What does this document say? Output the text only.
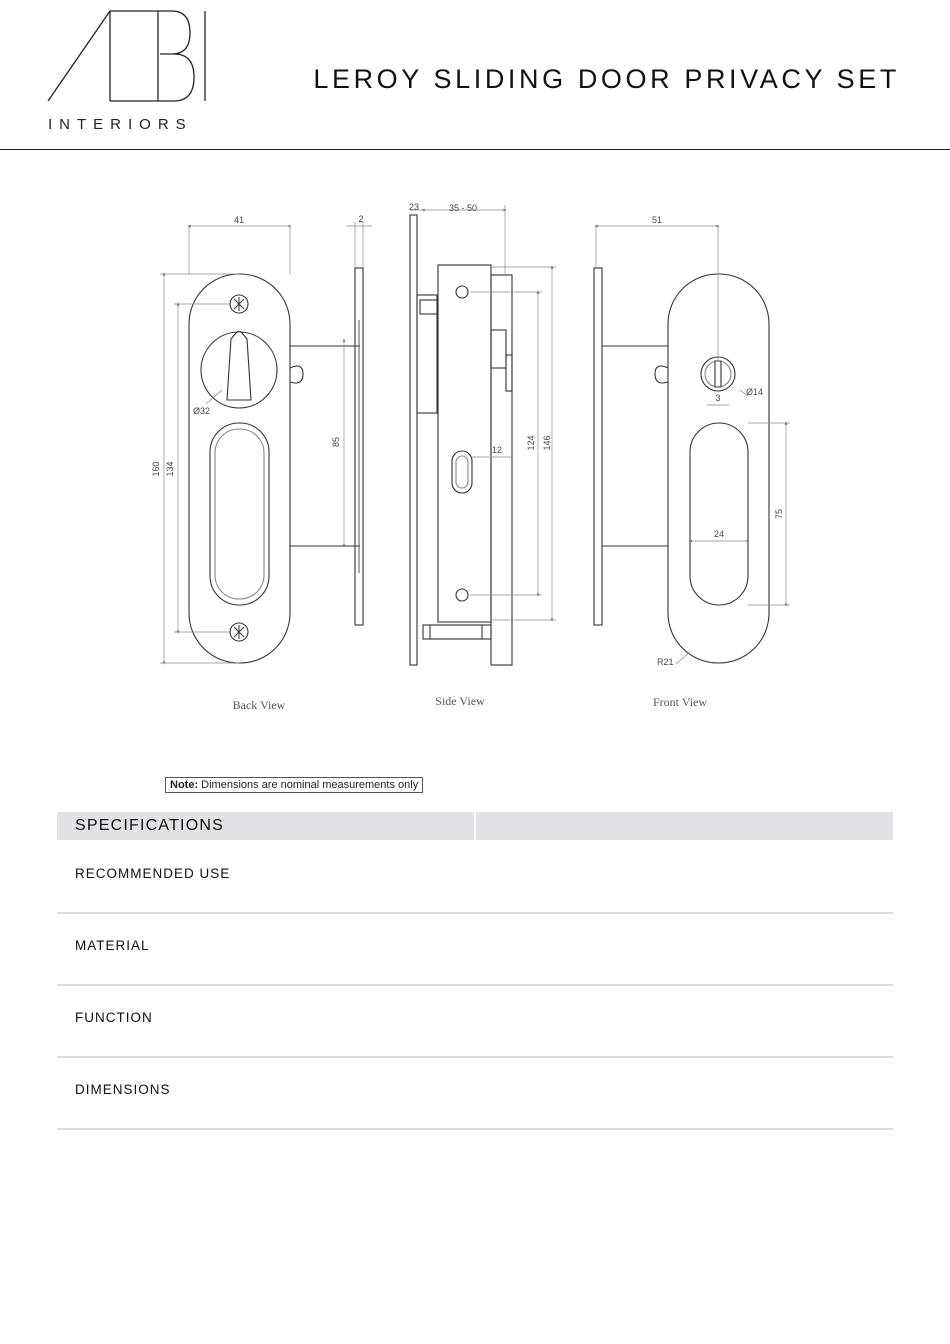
INTERIORS
LEROY SLIDING DOOR PRIVACY SET
41	2
160 134
85
Ø32
23	35 - 50
12	124 146
51
Ø14
3
75
24
R21
Back View	Side View	Front View
Note: Dimensions are nominal measurements only
SPECIFICATIONS
RECOMMENDED USE
MATERIAL
FUNCTION
DIMENSIONS
